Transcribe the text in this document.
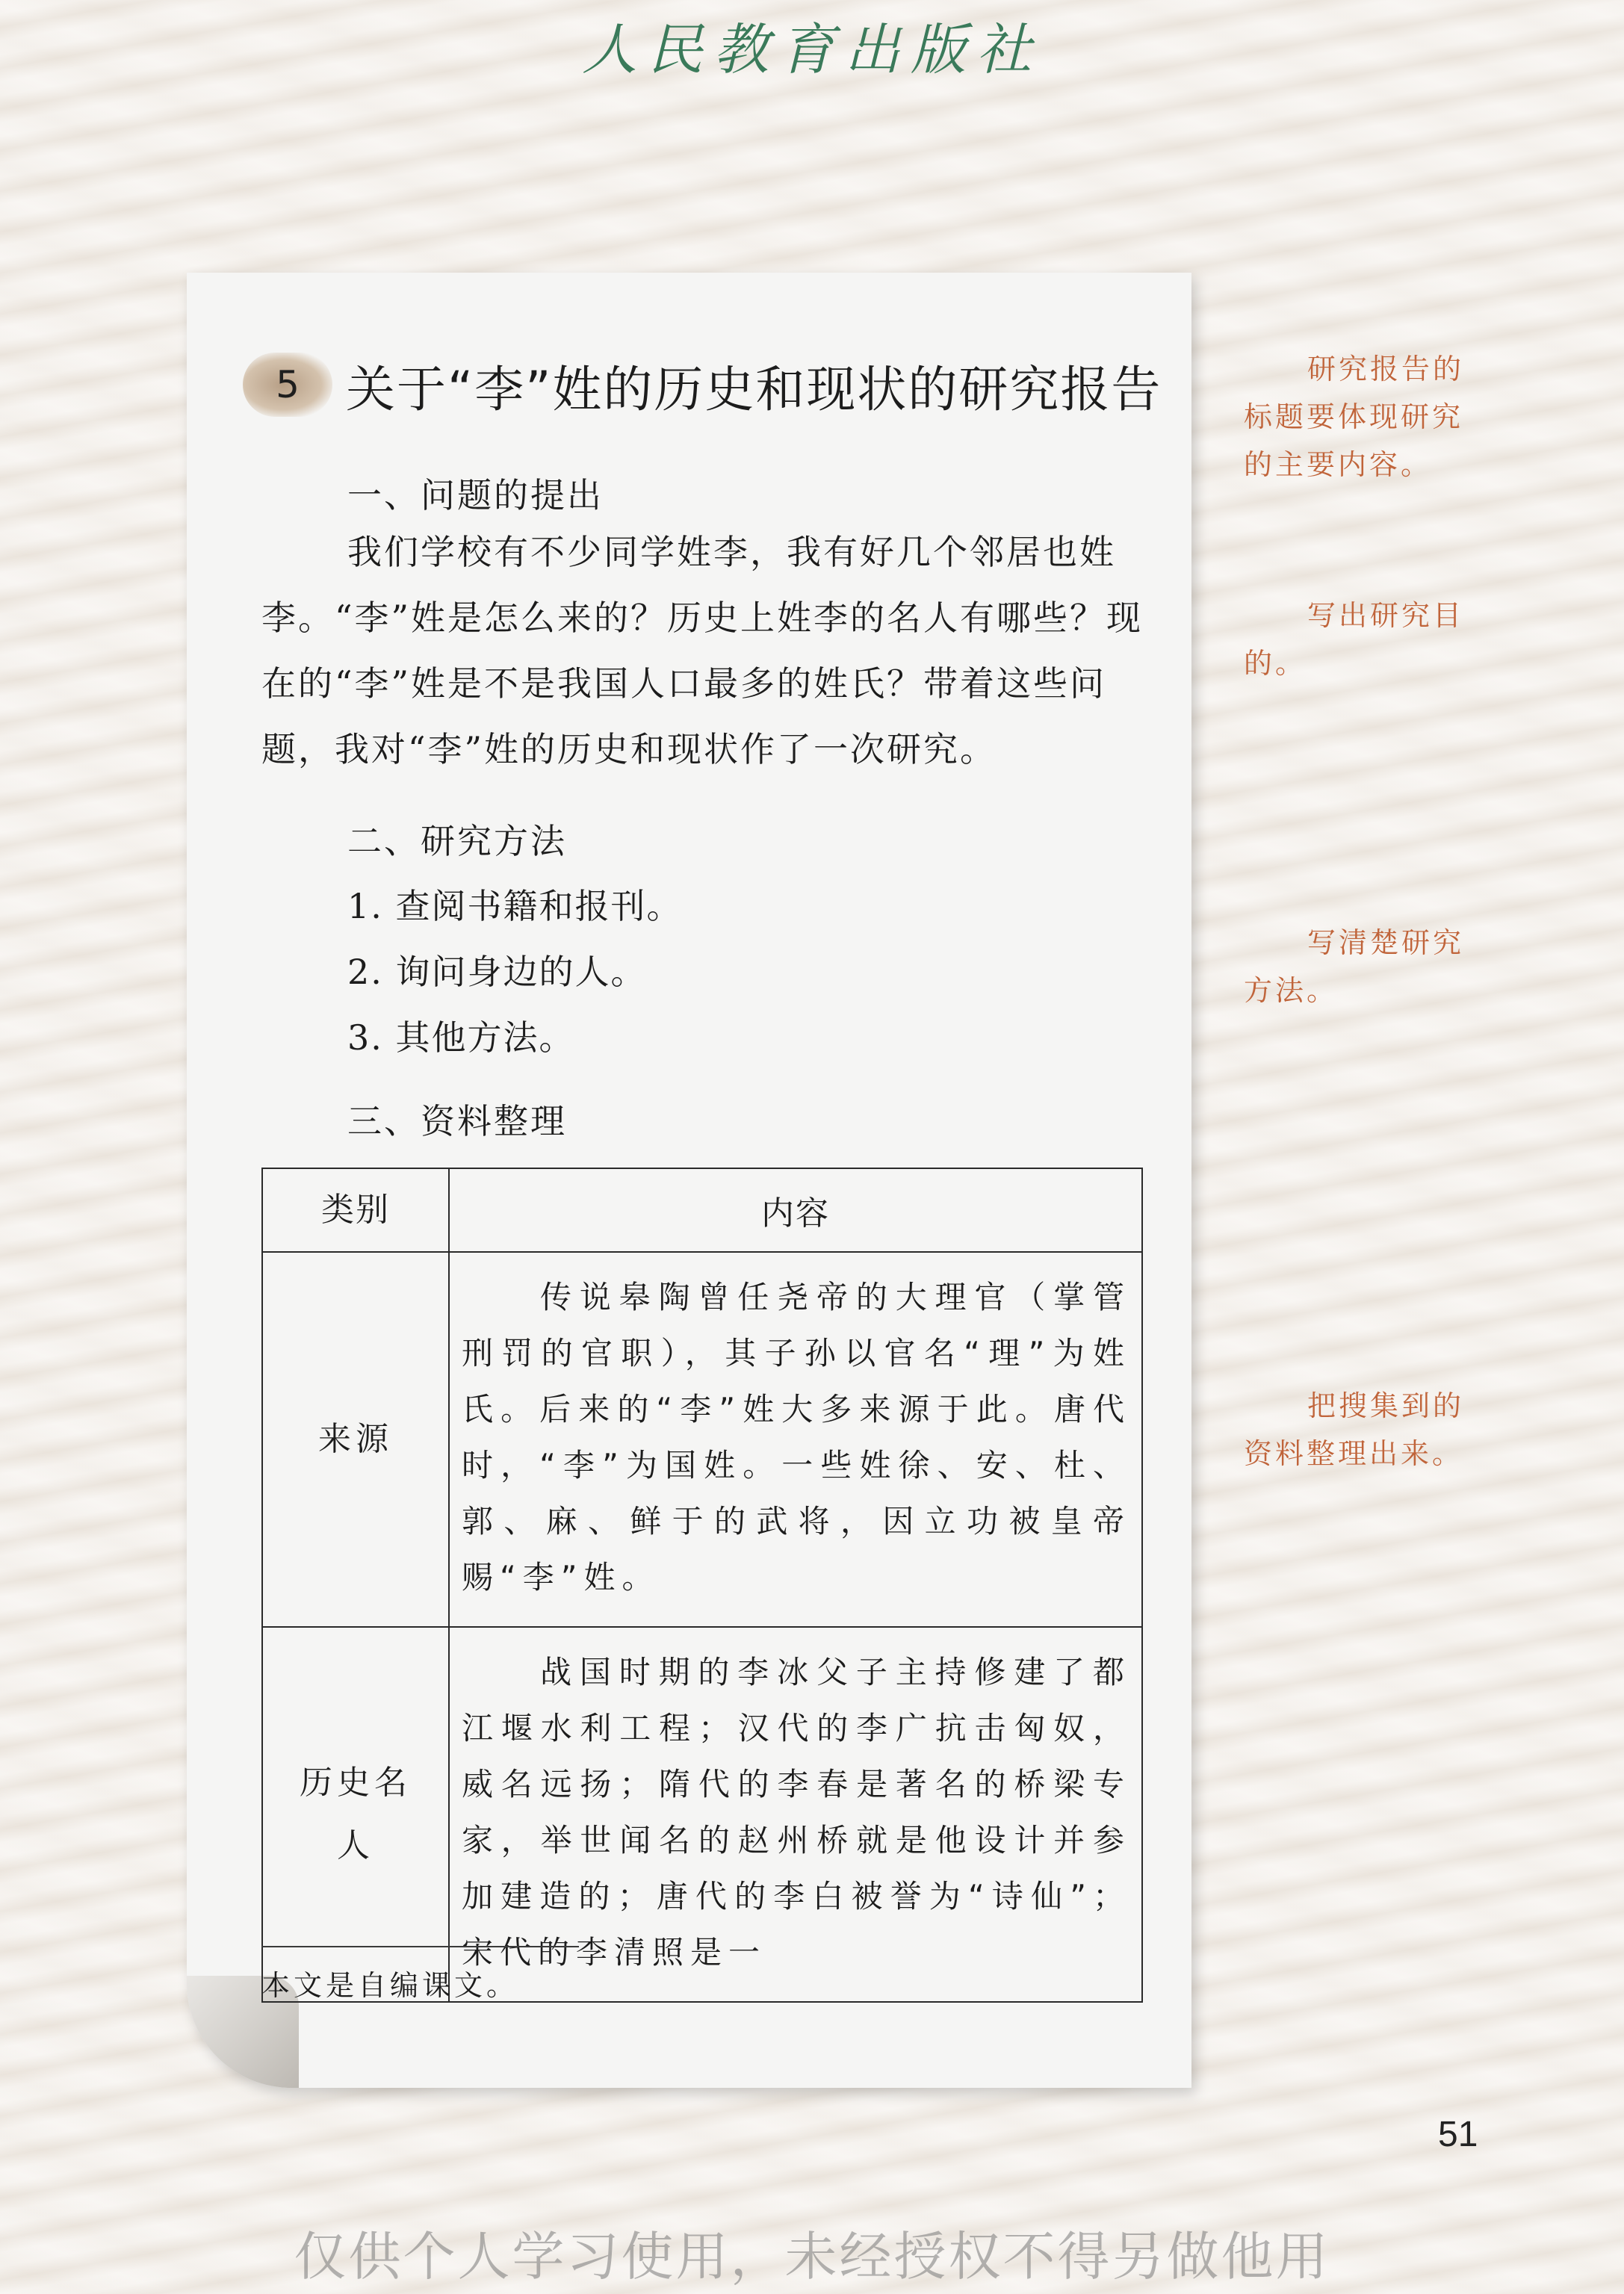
人民教育出版社
5 关于“李”姓的历史和现状的研究报告
一、问题的提出
我们学校有不少同学姓李，我有好几个邻居也姓李。“李”姓是怎么来的？历史上姓李的名人有哪些？现在的“李”姓是不是我国人口最多的姓氏？带着这些问题，我对“李”姓的历史和现状作了一次研究。
二、研究方法
1. 查阅书籍和报刊。
2. 询问身边的人。
3. 其他方法。
三、资料整理
类别	内容
来源	传说皋陶曾任尧帝的大理官（掌管刑罚的官职），其子孙以官名“理”为姓氏。后来的“李”姓大多来源于此。唐代时，“李”为国姓。一些姓徐、安、杜、郭、麻、鲜于的武将，因立功被皇帝赐“李”姓。
历史名人	战国时期的李冰父子主持修建了都江堰水利工程；汉代的李广抗击匈奴，威名远扬；隋代的李春是著名的桥梁专家，举世闻名的赵州桥就是他设计并参加建造的；唐代的李白被誉为“诗仙”；宋代的李清照是一
本文是自编课文。
研究报告的标题要体现研究的主要内容。
写出研究目的。
写清楚研究方法。
把搜集到的资料整理出来。
51
仅供个人学习使用，未经授权不得另做他用
